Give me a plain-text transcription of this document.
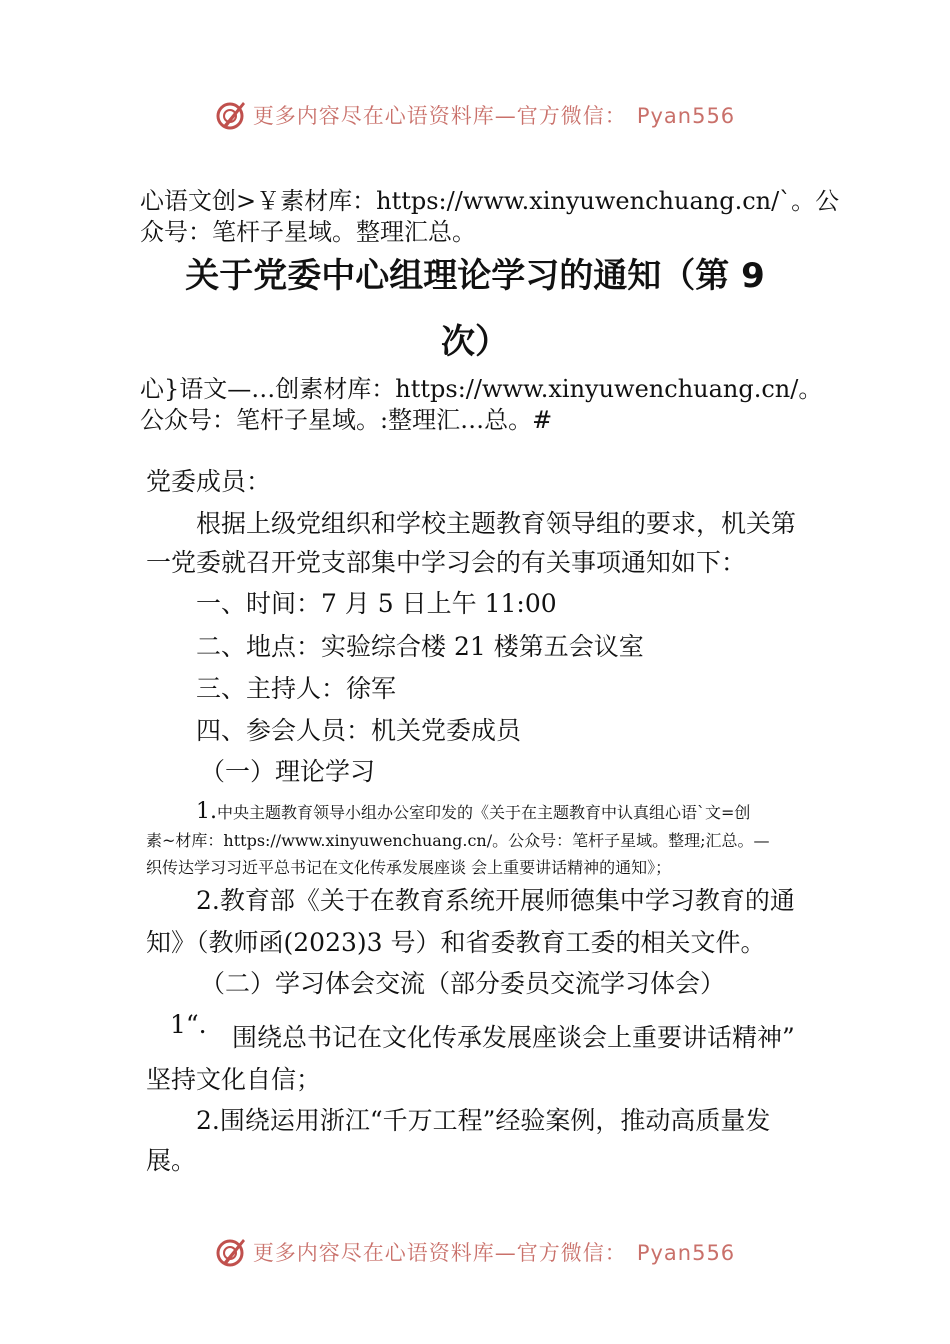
更多内容尽在心语资料库—官方微信： Pyan556
心语文创>￥素材库：https://www.xinyuwenchuang.cn/`。公
众号：笔杆子星域。整理汇总。
关于党委中心组理论学习的通知（第 9
次）
心}语文—…创素材库：https://www.xinyuwenchuang.cn/。
公众号：笔杆子星域。:整理汇…总。#
党委成员：
根据上级党组织和学校主题教育领导组的要求，机关第
一党委就召开党支部集中学习会的有关事项通知如下：
一、时间：7 月 5 日上午 11:00
二、地点：实验综合楼 21 楼第五会议室
三、主持人：徐军
四、参会人员：机关党委成员
（一）理论学习
1.中央主题教育领导小组办公室印发的《关于在主题教育中认真组心语`文=创
素~材库：https://www.xinyuwenchuang.cn/。公众号：笔杆子星域。整理;汇总。—
织传达学习习近平总书记在文化传承发展座谈 会上重要讲话精神的通知》；
2.教育部《关于在教育系统开展师德集中学习教育的通
知》（教师函(2023)3 号）和省委教育工委的相关文件。
（二）学习体会交流（部分委员交流学习体会）
1“. 围绕总书记在文化传承发展座谈会上重要讲话精神”
坚持文化自信；
2.围绕运用浙江“千万工程”经验案例，推动高质量发
展。
更多内容尽在心语资料库—官方微信： Pyan556
